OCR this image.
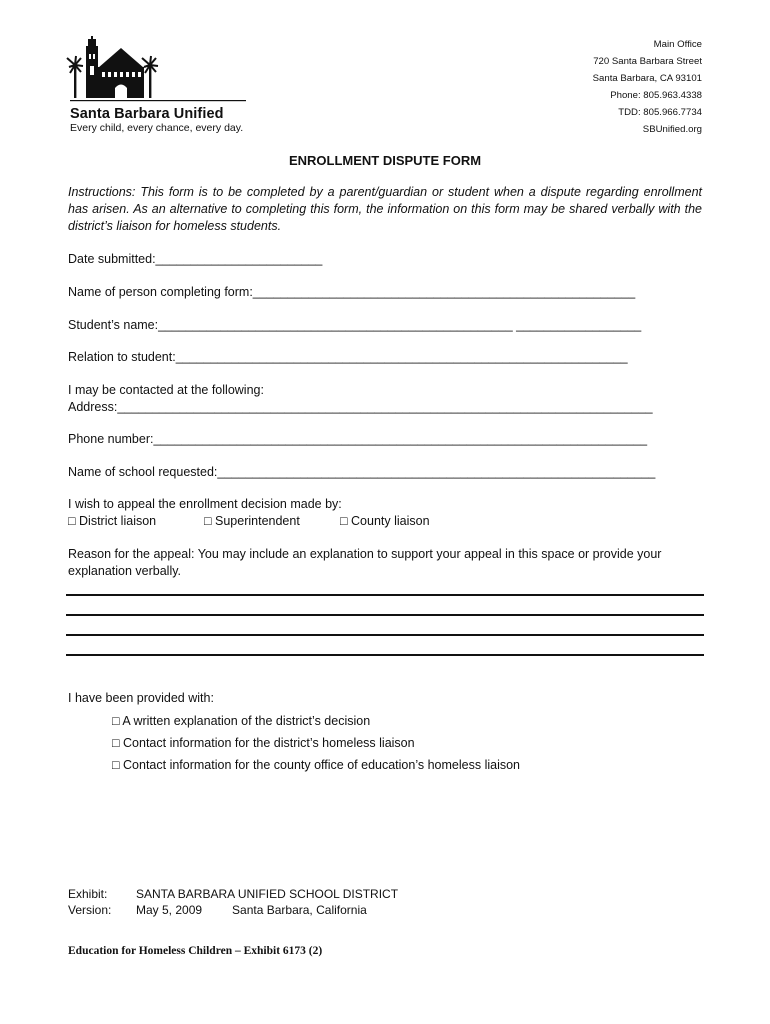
Santa Barbara Unified
Every child, every chance, every day.
Main Office
720 Santa Barbara Street
Santa Barbara, CA 93101
Phone: 805.963.4338
TDD: 805.966.7734
SBUnified.org
ENROLLMENT DISPUTE FORM
Instructions: This form is to be completed by a parent/guardian or student when a dispute regarding enrollment has arisen. As an alternative to completing this form, the information on this form may be shared verbally with the district’s liaison for homeless students.
Date submitted:________________________
Name of person completing form:_______________________________________________________
Student’s name:___________________________________________________ __________________
Relation to student:_________________________________________________________________
I may be contacted at the following:
Address:_____________________________________________________________________________
Phone number:_______________________________________________________________________
Name of school requested:_______________________________________________________________
I wish to appeal the enrollment decision made by:
□ District liaison	□ Superintendent	□ County liaison
Reason for the appeal: You may include an explanation to support your appeal in this space or provide your explanation verbally.
I have been provided with:
□ A written explanation of the district’s decision
□ Contact information for the district’s homeless liaison
□ Contact information for the county office of education’s homeless liaison
Exhibit: SANTA BARBARA UNIFIED SCHOOL DISTRICT
Version: May 5, 2009	Santa Barbara, California
Education for Homeless Children – Exhibit 6173 (2)
